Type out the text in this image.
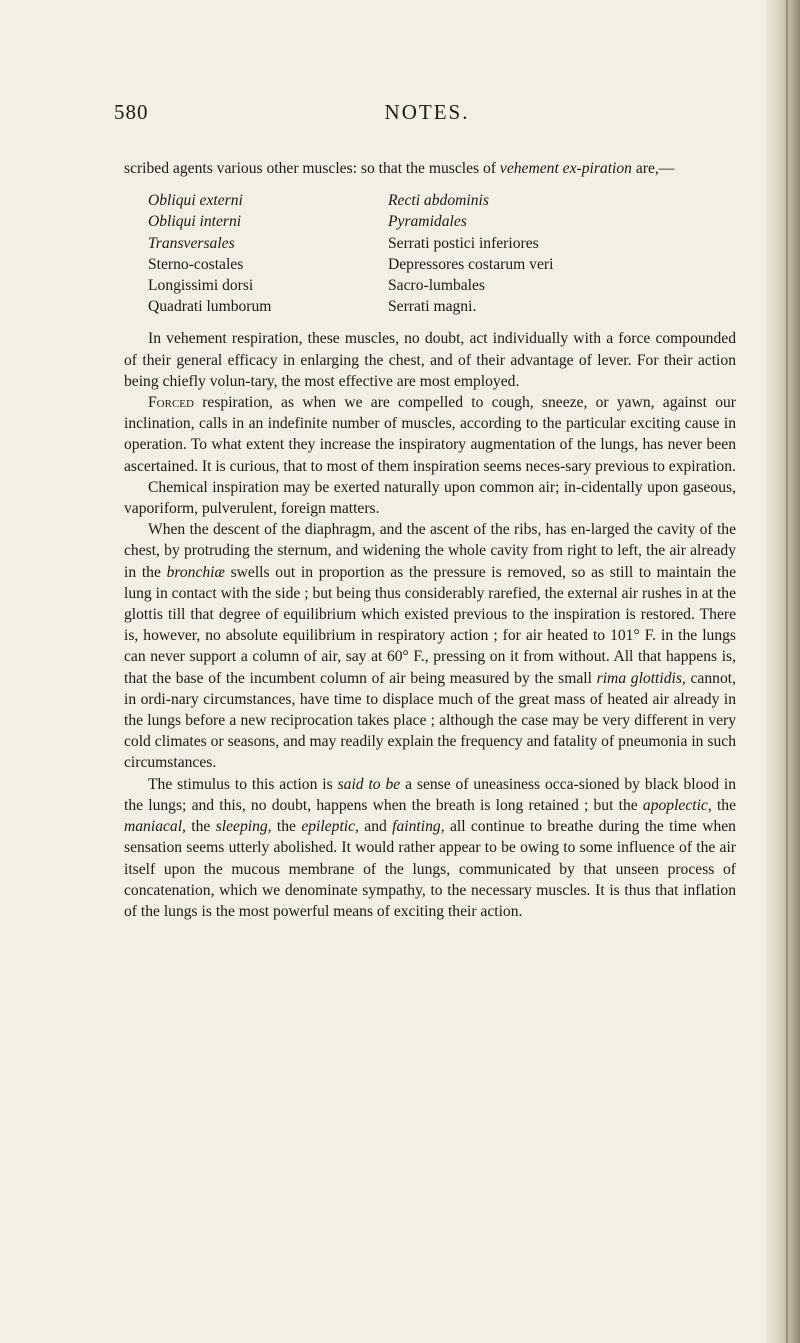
580	NOTES.

scribed agents various other muscles: so that the muscles of vehement ex-piration are,—

Obliqui externi
Obliqui interni
Transversales
Sterno-costales
Longissimi dorsi
Quadrati lumborum
Recti abdominis
Pyramidales
Serrati postici inferiores
Depressores costarum veri
Sacro-lumbales
Serrati magni.

In vehement respiration, these muscles, no doubt, act individually with a force compounded of their general efficacy in enlarging the chest, and of their advantage of lever. For their action being chiefly volun-tary, the most effective are most employed.

Forced respiration, as when we are compelled to cough, sneeze, or yawn, against our inclination, calls in an indefinite number of muscles, according to the particular exciting cause in operation. To what extent they increase the inspiratory augmentation of the lungs, has never been ascertained. It is curious, that to most of them inspiration seems neces-sary previous to expiration.

Chemical inspiration may be exerted naturally upon common air; in-cidentally upon gaseous, vaporiform, pulverulent, foreign matters.

When the descent of the diaphragm, and the ascent of the ribs, has en-larged the cavity of the chest, by protruding the sternum, and widening the whole cavity from right to left, the air already in the bronchiæ swells out in proportion as the pressure is removed, so as still to maintain the lung in contact with the side ; but being thus considerably rarefied, the external air rushes in at the glottis till that degree of equilibrium which existed previous to the inspiration is restored. There is, however, no absolute equilibrium in respiratory action ; for air heated to 101° F. in the lungs can never support a column of air, say at 60° F., pressing on it from without. All that happens is, that the base of the incumbent column of air being measured by the small rima glottidis, cannot, in ordi-nary circumstances, have time to displace much of the great mass of heated air already in the lungs before a new reciprocation takes place ; although the case may be very different in very cold climates or seasons, and may readily explain the frequency and fatality of pneumonia in such circumstances.

The stimulus to this action is said to be a sense of uneasiness occa-sioned by black blood in the lungs; and this, no doubt, happens when the breath is long retained ; but the apoplectic, the maniacal, the sleeping, the epileptic, and fainting, all continue to breathe during the time when sensation seems utterly abolished. It would rather appear to be owing to some influence of the air itself upon the mucous membrane of the lungs, communicated by that unseen process of concatenation, which we denominate sympathy, to the necessary muscles. It is thus that inflation of the lungs is the most powerful means of exciting their action.
